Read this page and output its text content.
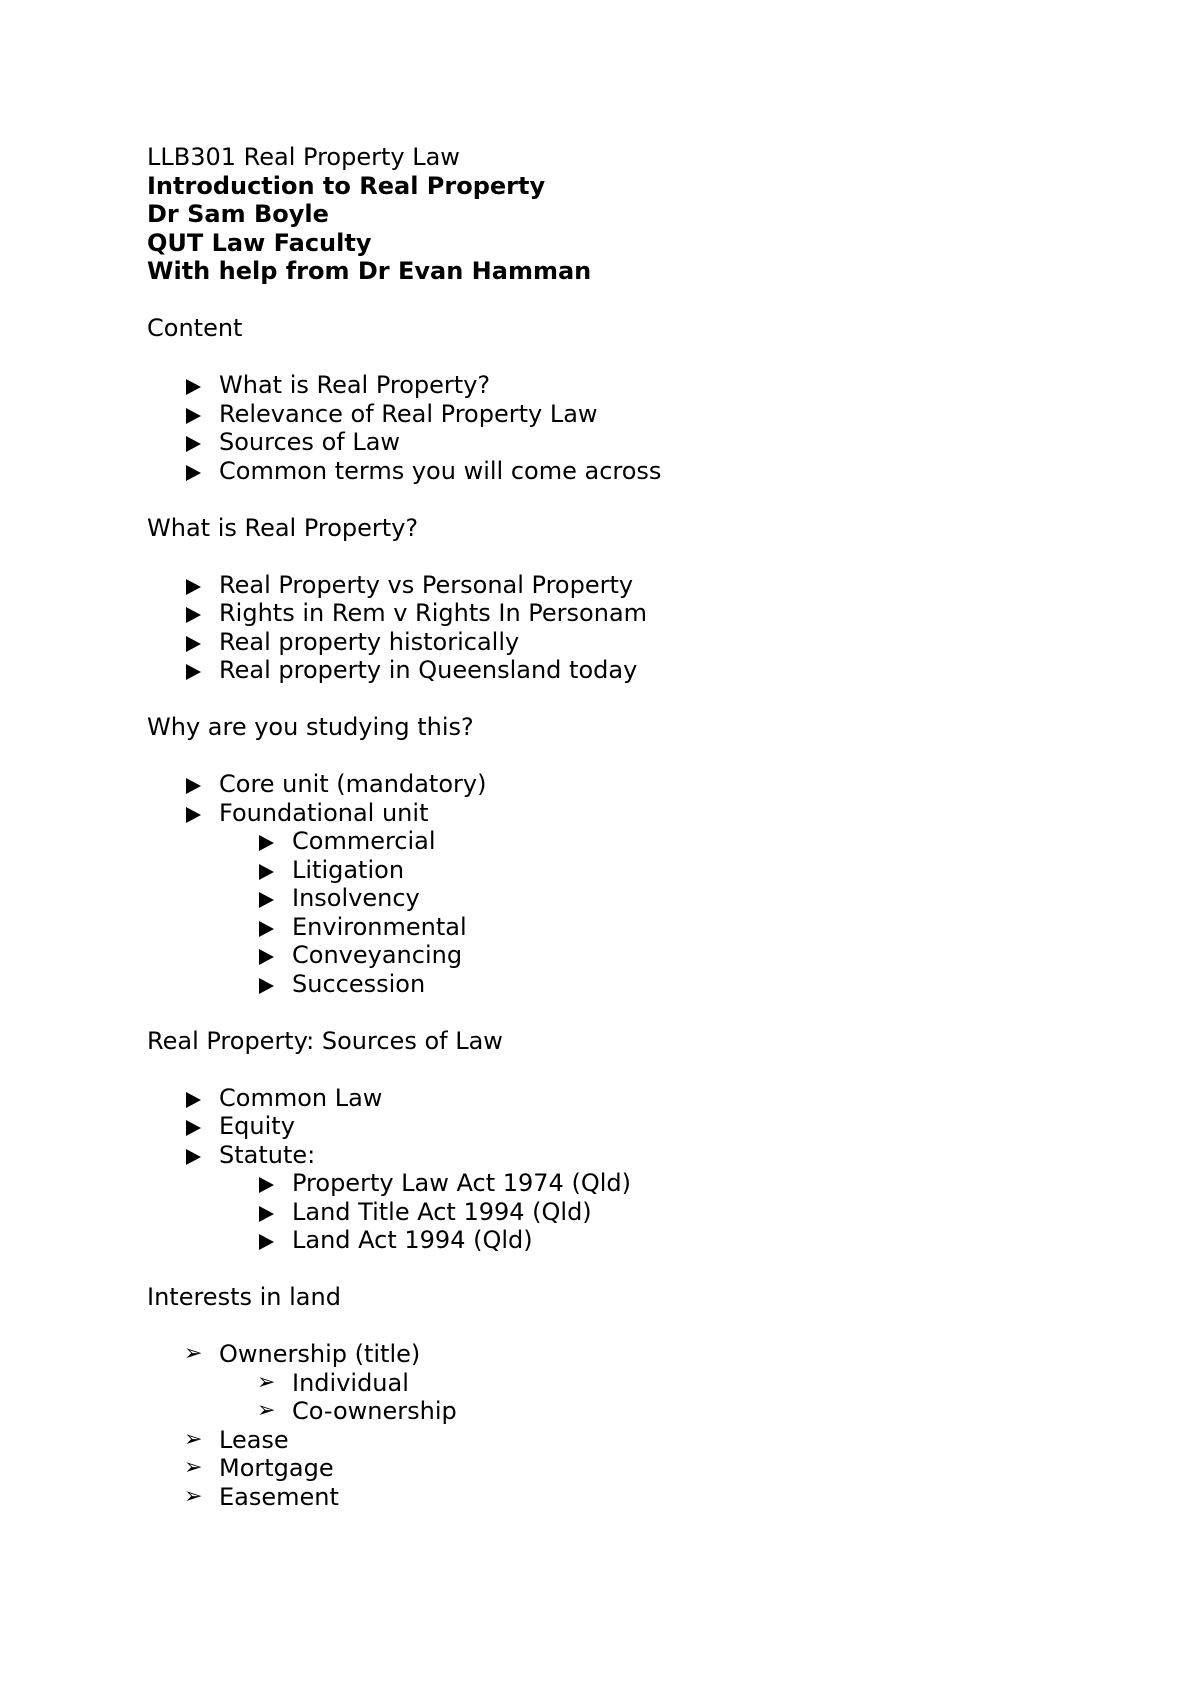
LLB301 Real Property Law
Introduction to Real Property
Dr Sam Boyle
QUT Law Faculty
With help from Dr Evan Hamman
Content
What is Real Property?
Relevance of Real Property Law
Sources of Law
Common terms you will come across
What is Real Property?
Real Property vs Personal Property
Rights in Rem v Rights In Personam
Real property historically
Real property in Queensland today
Why are you studying this?
Core unit (mandatory)
Foundational unit
Commercial
Litigation
Insolvency
Environmental
Conveyancing
Succession
Real Property: Sources of Law
Common Law
Equity
Statute:
Property Law Act 1974 (Qld)
Land Title Act 1994 (Qld)
Land Act 1994 (Qld)
Interests in land
➢ Ownership (title)
➢ Individual
➢ Co-ownership
➢ Lease
➢ Mortgage
➢ Easement
